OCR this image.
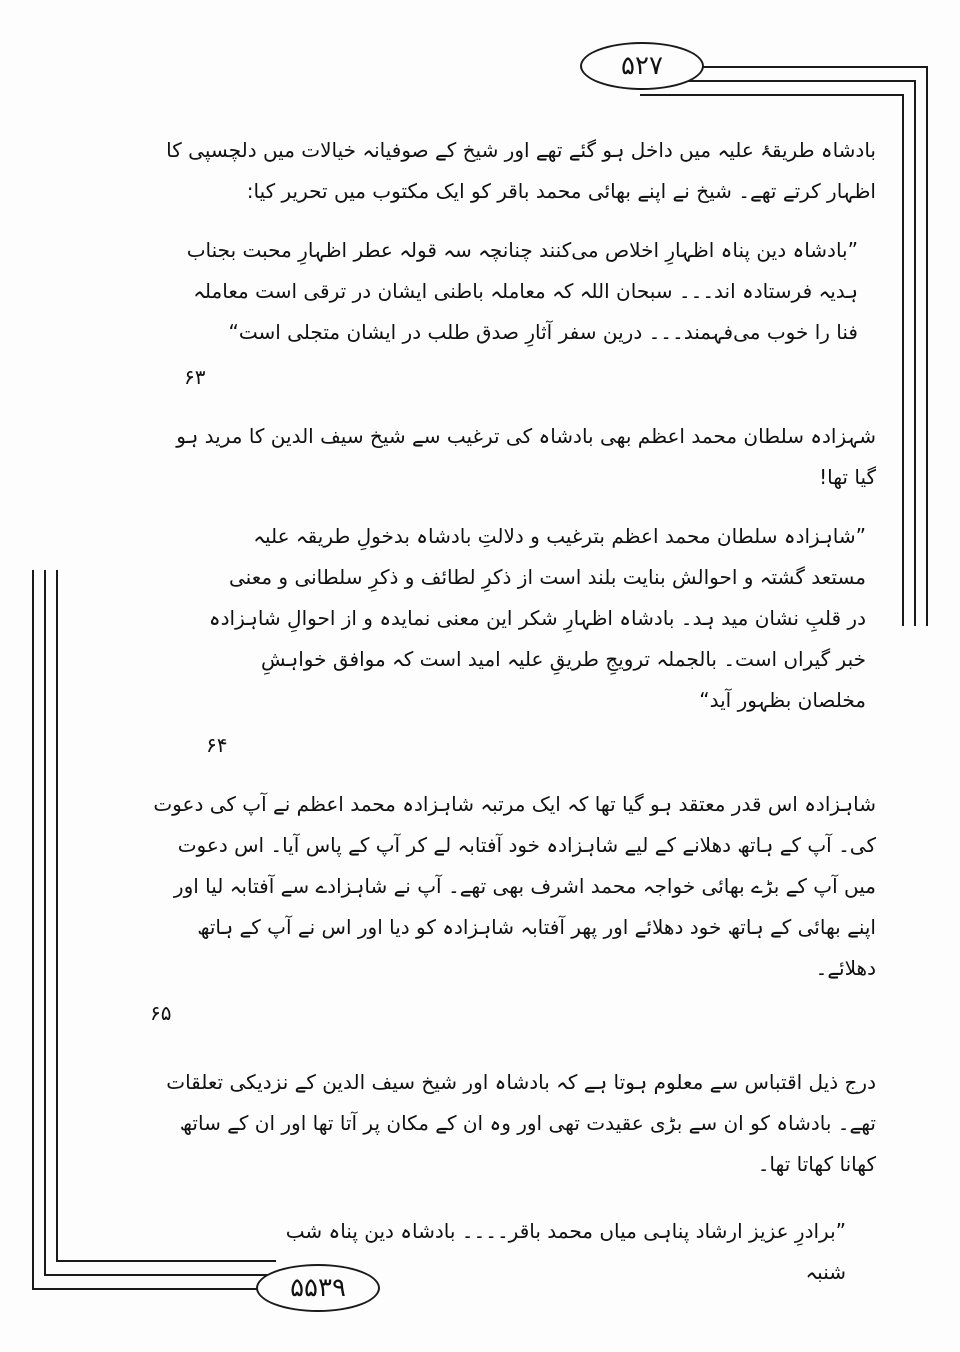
۵۲۷
۵۵۳۹

بادشاہ طریقۂ علیہ میں داخل ہو گئے تھے اور شیخ کے صوفیانہ خیالات میں دلچسپی کا اظہار کرتے تھے۔ شیخ نے اپنے بھائی محمد باقر کو ایک مکتوب میں تحریر کیا:

”بادشاہ دین پناہ اظہارِ اخلاص می‌کنند چنانچہ سہ قولہ عطر اظہارِ محبت بجناب ہدیہ فرستادہ اند۔۔۔ سبحان اللہ کہ معاملہ باطنی ایشان در ترقی است معاملہ فنا را خوب می‌فہمند۔۔۔ درین سفر آثارِ صدق طلب در ایشان متجلی است“

۶۳

شہزادہ سلطان محمد اعظم بھی بادشاہ کی ترغیب سے شیخ سیف الدین کا مرید ہو گیا تھا!

”شاہزادہ سلطان محمد اعظم بترغیب و دلالتِ بادشاہ بدخولِ طریقہ علیہ مستعد گشتہ و احوالش بنایت بلند است از ذکرِ لطائف و ذکرِ سلطانی و معنی در قلبِ نشان مید ہد۔ بادشاہ اظہارِ شکر این معنی نمایدہ و از احوالِ شاہزادہ خبر گیراں است۔ بالجملہ ترویجِ طریقِ علیہ امید است کہ موافق خواہشِ مخلصان بظہور آید“

۶۴

شاہزادہ اس قدر معتقد ہو گیا تھا کہ ایک مرتبہ شاہزادہ محمد اعظم نے آپ کی دعوت کی۔ آپ کے ہاتھ دھلانے کے لیے شاہزادہ خود آفتابہ لے کر آپ کے پاس آیا۔ اس دعوت میں آپ کے بڑے بھائی خواجہ محمد اشرف بھی تھے۔ آپ نے شاہزادے سے آفتابہ لیا اور اپنے بھائی کے ہاتھ خود دھلائے اور پھر آفتابہ شاہزادہ کو دیا اور اس نے آپ کے ہاتھ دھلائے۔

۶۵

درج ذیل اقتباس سے معلوم ہوتا ہے کہ بادشاہ اور شیخ سیف الدین کے نزدیکی تعلقات تھے۔ بادشاہ کو ان سے بڑی عقیدت تھی اور وہ ان کے مکان پر آتا تھا اور ان کے ساتھ کھانا کھاتا تھا۔

”برادرِ عزیز ارشاد پناہی میاں محمد باقر۔۔۔۔ بادشاہ دین پناہ شب شنبہ
